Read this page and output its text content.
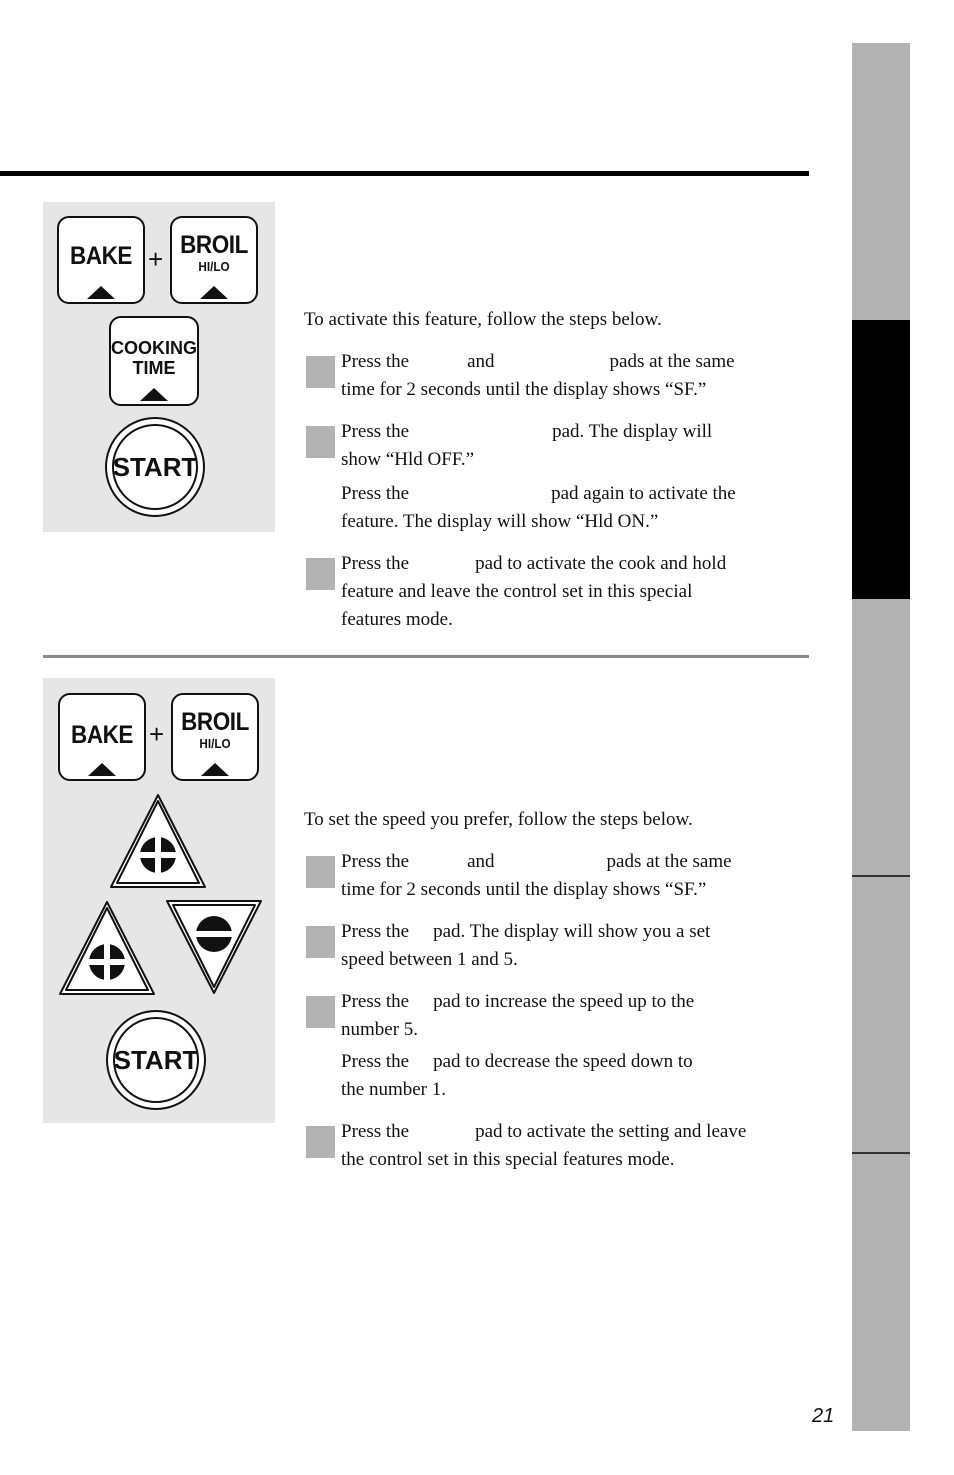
BAKE + BROIL
HI/LO
COOKING
TIME
START
To activate this feature, follow the steps below.
Press the	and	pads at the same
time for 2 seconds until the display shows “SF.”
Press the	pad. The display will
show “Hld OFF.”
Press the	pad again to activate the
feature. The display will show “Hld ON.”
Press the	pad to activate the cook and hold
feature and leave the control set in this special
features mode.
BAKE + BROIL
HI/LO
START
To set the speed you prefer, follow the steps below.
Press the	and	pads at the same
time for 2 seconds until the display shows “SF.”
Press the pad. The display will show you a set
speed between 1 and 5.
Press the pad to increase the speed up to the
number 5.
Press the pad to decrease the speed down to
the number 1.
Press the	pad to activate the setting and leave
the control set in this special features mode.
21
